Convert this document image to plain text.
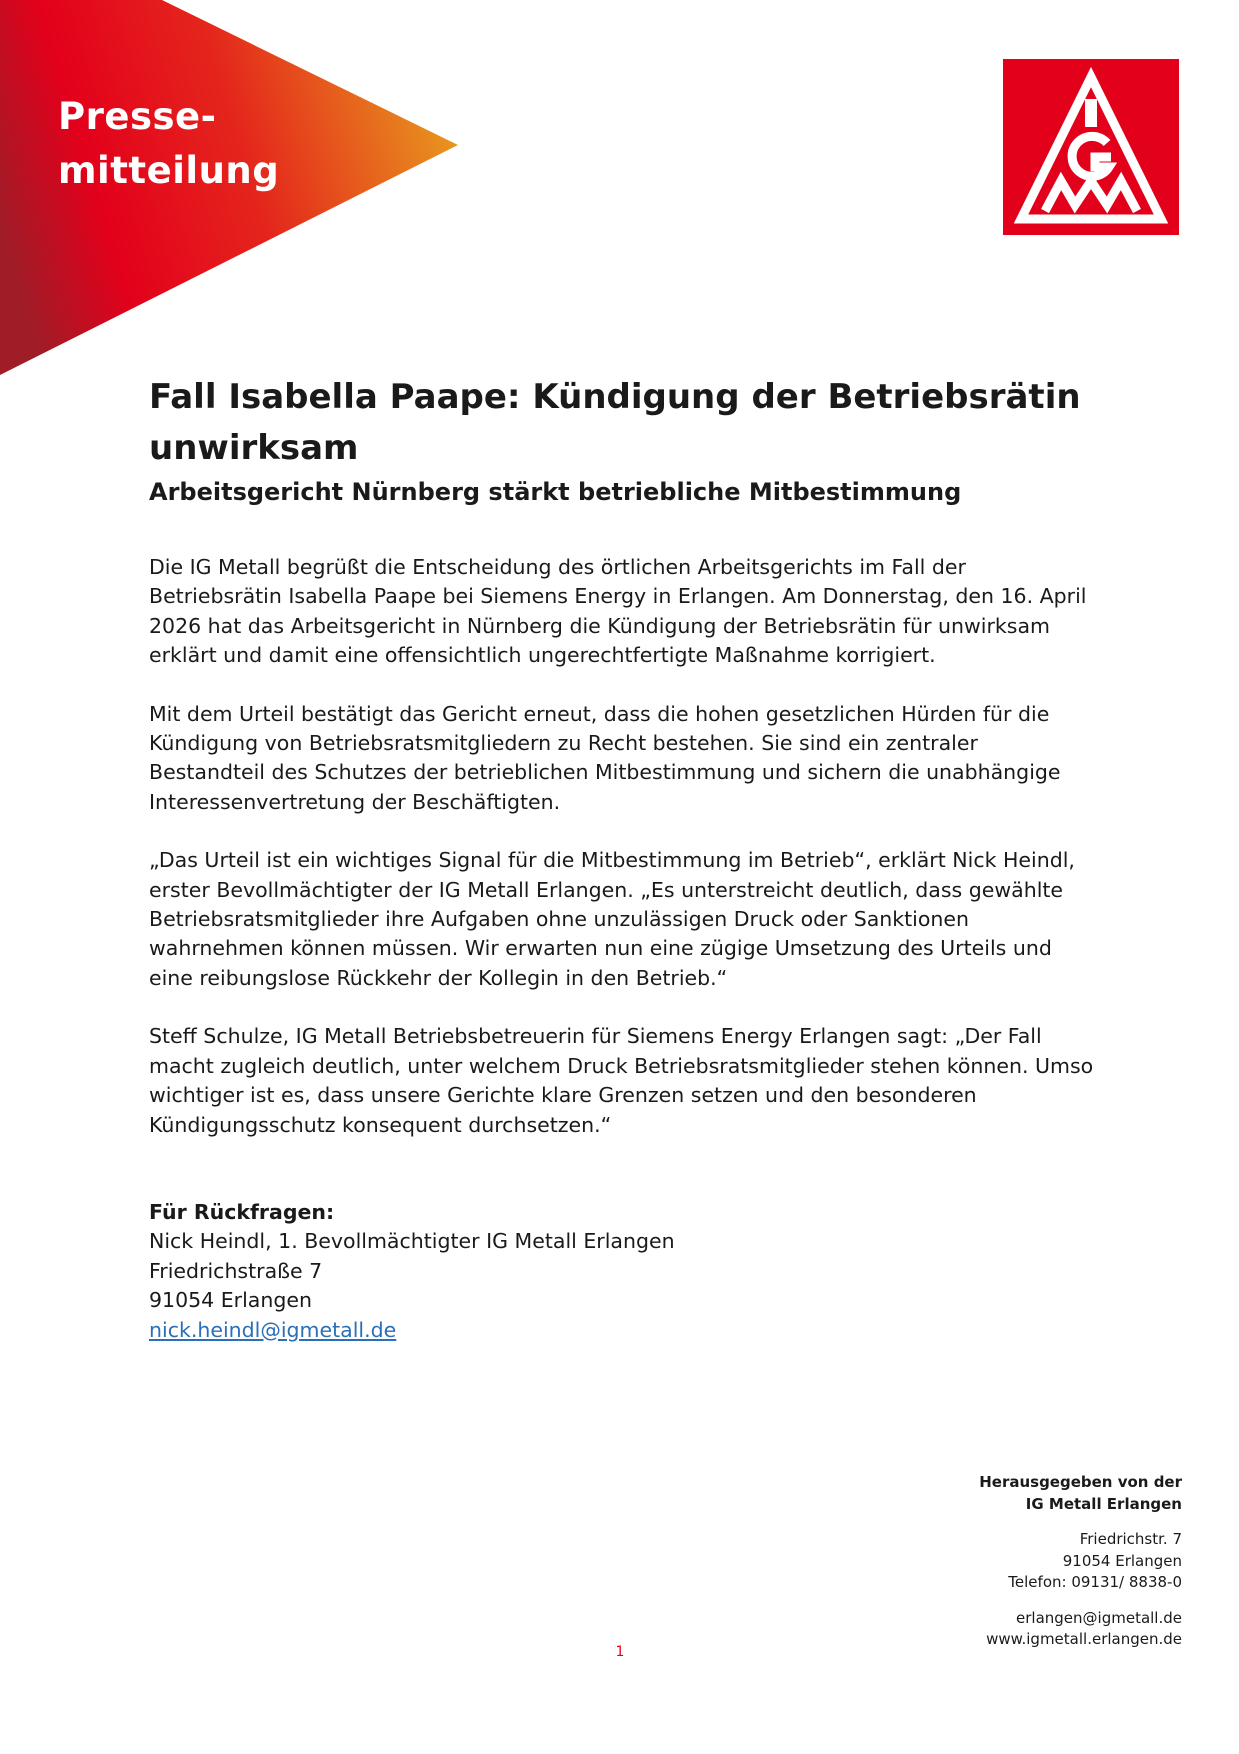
Presse-
mitteilung
Fall Isabella Paape: Kündigung der Betriebsrätin unwirksam
Arbeitsgericht Nürnberg stärkt betriebliche Mitbestimmung

Die IG Metall begrüßt die Entscheidung des örtlichen Arbeitsgerichts im Fall der Betriebsrätin Isabella Paape bei Siemens Energy in Erlangen. Am Donnerstag, den 16. April 2026 hat das Arbeitsgericht in Nürnberg die Kündigung der Betriebsrätin für unwirksam erklärt und damit eine offensichtlich ungerechtfertigte Maßnahme korrigiert.

Mit dem Urteil bestätigt das Gericht erneut, dass die hohen gesetzlichen Hürden für die Kündigung von Betriebsratsmitgliedern zu Recht bestehen. Sie sind ein zentraler Bestandteil des Schutzes der betrieblichen Mitbestimmung und sichern die unabhängige Interessenvertretung der Beschäftigten.

„Das Urteil ist ein wichtiges Signal für die Mitbestimmung im Betrieb“, erklärt Nick Heindl, erster Bevollmächtigter der IG Metall Erlangen. „Es unterstreicht deutlich, dass gewählte Betriebsratsmitglieder ihre Aufgaben ohne unzulässigen Druck oder Sanktionen wahrnehmen können müssen. Wir erwarten nun eine zügige Umsetzung des Urteils und eine reibungslose Rückkehr der Kollegin in den Betrieb.“

Steff Schulze, IG Metall Betriebsbetreuerin für Siemens Energy Erlangen sagt: „Der Fall macht zugleich deutlich, unter welchem Druck Betriebsratsmitglieder stehen können. Umso wichtiger ist es, dass unsere Gerichte klare Grenzen setzen und den besonderen Kündigungsschutz konsequent durchsetzen.“

Für Rückfragen:
Nick Heindl, 1. Bevollmächtigter IG Metall Erlangen
Friedrichstraße 7
91054 Erlangen
nick.heindl@igmetall.de
Herausgegeben von der
IG Metall Erlangen
Friedrichstr. 7
91054 Erlangen
Telefon: 09131/ 8838-0
erlangen@igmetall.de
www.igmetall.erlangen.de
1
